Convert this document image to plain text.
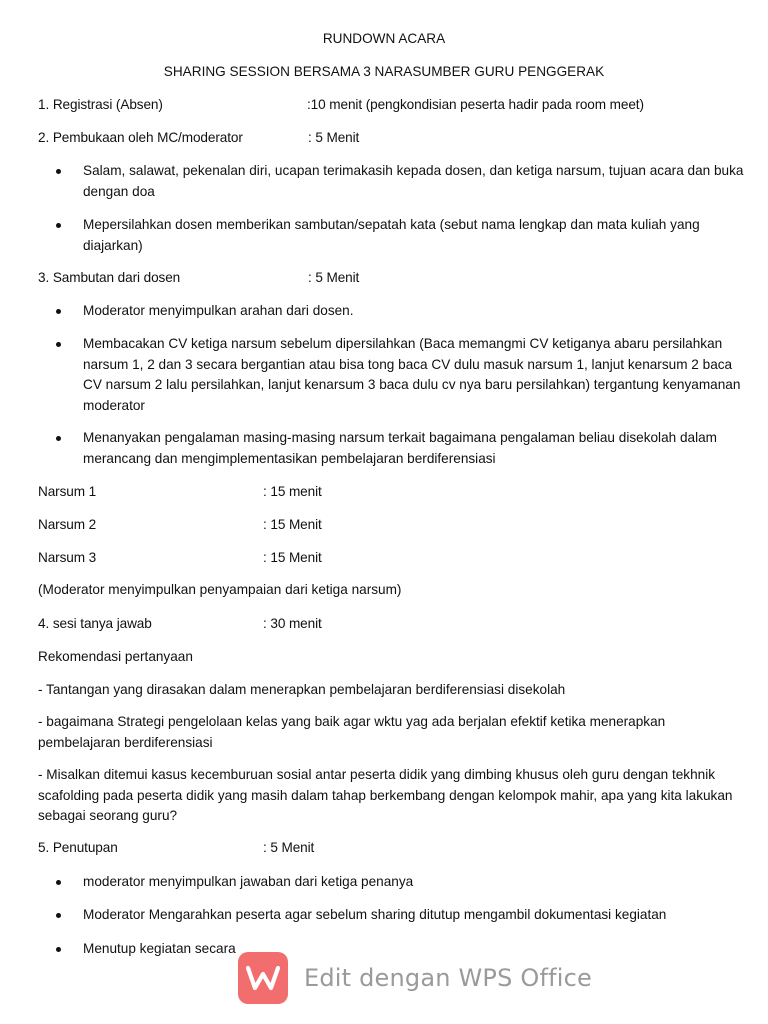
RUNDOWN ACARA
SHARING SESSION BERSAMA 3 NARASUMBER GURU PENGGERAK
1. Registrasi (Absen)	:10 menit (pengkondisian peserta hadir pada room meet)
2. Pembukaan oleh MC/moderator	: 5 Menit
Salam, salawat, pekenalan diri, ucapan terimakasih kepada dosen, dan ketiga narsum, tujuan acara dan buka dengan doa
Mepersilahkan dosen memberikan sambutan/sepatah kata (sebut nama lengkap dan mata kuliah yang diajarkan)
3. Sambutan dari dosen	: 5 Menit
Moderator menyimpulkan arahan dari dosen.
Membacakan CV ketiga narsum sebelum dipersilahkan (Baca memangmi CV ketiganya abaru persilahkan narsum 1, 2 dan 3 secara bergantian atau bisa tong baca CV dulu masuk narsum 1, lanjut kenarsum 2 baca CV narsum 2 lalu persilahkan, lanjut kenarsum 3 baca dulu cv nya baru persilahkan) tergantung kenyamanan moderator
Menanyakan pengalaman masing-masing narsum terkait bagaimana pengalaman beliau disekolah dalam merancang dan mengimplementasikan pembelajaran berdiferensiasi
Narsum 1	: 15 menit
Narsum 2	: 15 Menit
Narsum 3	: 15 Menit
(Moderator menyimpulkan penyampaian dari ketiga narsum)
4. sesi tanya jawab	: 30 menit
Rekomendasi pertanyaan
- Tantangan yang dirasakan dalam menerapkan pembelajaran berdiferensiasi disekolah
- bagaimana Strategi pengelolaan kelas yang baik agar wktu yag ada berjalan efektif ketika menerapkan pembelajaran berdiferensiasi
- Misalkan ditemui kasus kecemburuan sosial antar peserta didik yang dimbing khusus oleh guru dengan tekhnik scafolding pada peserta didik yang masih dalam tahap berkembang dengan kelompok mahir, apa yang kita lakukan sebagai seorang guru?
5. Penutupan	: 5 Menit
moderator menyimpulkan jawaban dari ketiga penanya
Moderator Mengarahkan peserta agar sebelum sharing ditutup mengambil dokumentasi kegiatan
Menutup kegiatan secara
Edit dengan WPS Office
